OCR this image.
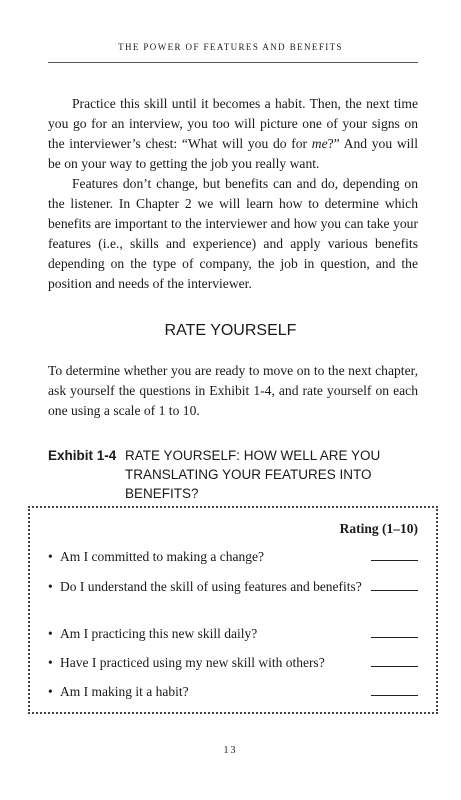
THE POWER OF FEATURES AND BENEFITS

Practice this skill until it becomes a habit. Then, the next time you go for an interview, you too will picture one of your signs on the interviewer’s chest: “What will you do for me?” And you will be on your way to getting the job you really want.

Features don’t change, but benefits can and do, depending on the listener. In Chapter 2 we will learn how to determine which benefits are important to the interviewer and how you can take your features (i.e., skills and experience) and apply various benefits depending on the type of company, the job in question, and the position and needs of the interviewer.

RATE YOURSELF
To determine whether you are ready to move on to the next chapter, ask yourself the questions in Exhibit 1-4, and rate yourself on each one using a scale of 1 to 10.
Exhibit 1-4 RATE YOURSELF: HOW WELL ARE YOU TRANSLATING YOUR FEATURES INTO BENEFITS?
Rating (1–10)
• Am I committed to making a change?
• Do I understand the skill of using features and benefits?
• Am I practicing this new skill daily?
• Have I practiced using my new skill with others?
• Am I making it a habit?
13
